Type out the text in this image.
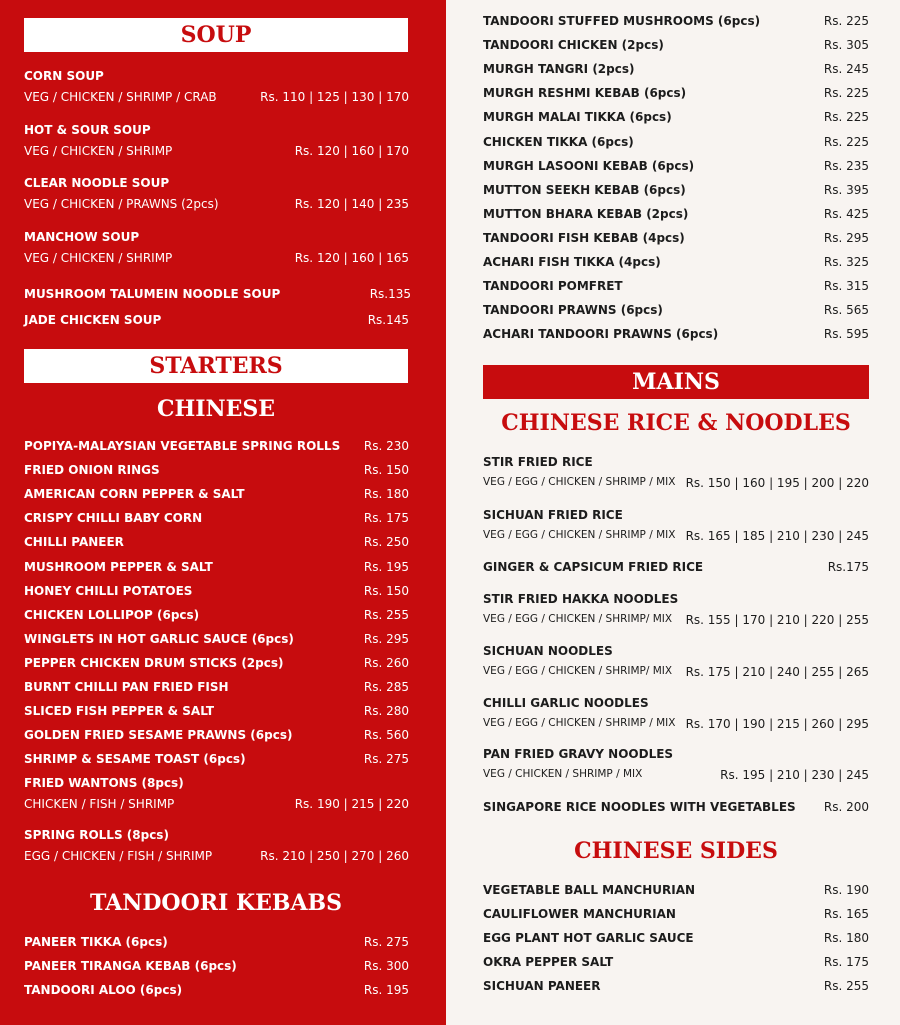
SOUP
CORN SOUP
VEG / CHICKEN / SHRIMP / CRAB	Rs. 110 | 125 | 130 | 170
HOT & SOUR SOUP
VEG / CHICKEN / SHRIMP	Rs. 120 | 160 | 170
CLEAR NOODLE SOUP
VEG / CHICKEN / PRAWNS (2pcs)	Rs. 120 | 140 | 235
MANCHOW SOUP
VEG / CHICKEN / SHRIMP	Rs. 120 | 160 | 165
MUSHROOM TALUMEIN NOODLE SOUP	Rs.135
JADE CHICKEN SOUP	Rs.145
STARTERS
CHINESE
POPIYA-MALAYSIAN VEGETABLE SPRING ROLLS Rs. 230
FRIED ONION RINGS	Rs. 150
AMERICAN CORN PEPPER & SALT	Rs. 180
CRISPY CHILLI BABY CORN	Rs. 175
CHILLI PANEER	Rs. 250
MUSHROOM PEPPER & SALT	Rs. 195
HONEY CHILLI POTATOES	Rs. 150
CHICKEN LOLLIPOP (6pcs)	Rs. 255
WINGLETS IN HOT GARLIC SAUCE (6pcs)	Rs. 295
PEPPER CHICKEN DRUM STICKS (2pcs)	Rs. 260
BURNT CHILLI PAN FRIED FISH	Rs. 285
SLICED FISH PEPPER & SALT	Rs. 280
GOLDEN FRIED SESAME PRAWNS (6pcs)	Rs. 560
SHRIMP & SESAME TOAST (6pcs)	Rs. 275
FRIED WANTONS (8pcs)
CHICKEN / FISH / SHRIMP	Rs. 190 | 215 | 220
SPRING ROLLS (8pcs)
EGG / CHICKEN / FISH / SHRIMP	Rs. 210 | 250 | 270 | 260
TANDOORI KEBABS
PANEER TIKKA (6pcs)	Rs. 275
PANEER TIRANGA KEBAB (6pcs)	Rs. 300
TANDOORI ALOO (6pcs)	Rs. 195
TANDOORI STUFFED MUSHROOMS (6pcs)	Rs. 225
TANDOORI CHICKEN (2pcs)	Rs. 305
MURGH TANGRI (2pcs)	Rs. 245
MURGH RESHMI KEBAB (6pcs)	Rs. 225
MURGH MALAI TIKKA (6pcs)	Rs. 225
CHICKEN TIKKA (6pcs)	Rs. 225
MURGH LASOONI KEBAB (6pcs)	Rs. 235
MUTTON SEEKH KEBAB (6pcs)	Rs. 395
MUTTON BHARA KEBAB (2pcs)	Rs. 425
TANDOORI FISH KEBAB (4pcs)	Rs. 295
ACHARI FISH TIKKA (4pcs)	Rs. 325
TANDOORI POMFRET	Rs. 315
TANDOORI PRAWNS (6pcs)	Rs. 565
ACHARI TANDOORI PRAWNS (6pcs)	Rs. 595
MAINS
CHINESE RICE & NOODLES
STIR FRIED RICE
VEG / EGG / CHICKEN / SHRIMP / MIX Rs. 150 | 160 | 195 | 200 | 220
SICHUAN FRIED RICE
VEG / EGG / CHICKEN / SHRIMP / MIX Rs. 165 | 185 | 210 | 230 | 245
GINGER & CAPSICUM FRIED RICE	Rs.175
STIR FRIED HAKKA NOODLES
VEG / EGG / CHICKEN / SHRIMP/ MIX Rs. 155 | 170 | 210 | 220 | 255
SICHUAN NOODLES
VEG / EGG / CHICKEN / SHRIMP/ MIX Rs. 175 | 210 | 240 | 255 | 265
CHILLI GARLIC NOODLES
VEG / EGG / CHICKEN / SHRIMP / MIX Rs. 170 | 190 | 215 | 260 | 295
PAN FRIED GRAVY NOODLES
VEG / CHICKEN / SHRIMP / MIX	Rs. 195 | 210 | 230 | 245
SINGAPORE RICE NOODLES WITH VEGETABLES Rs. 200
CHINESE SIDES
VEGETABLE BALL MANCHURIAN	Rs. 190
CAULIFLOWER MANCHURIAN	Rs. 165
EGG PLANT HOT GARLIC SAUCE	Rs. 180
OKRA PEPPER SALT	Rs. 175
SICHUAN PANEER	Rs. 255
